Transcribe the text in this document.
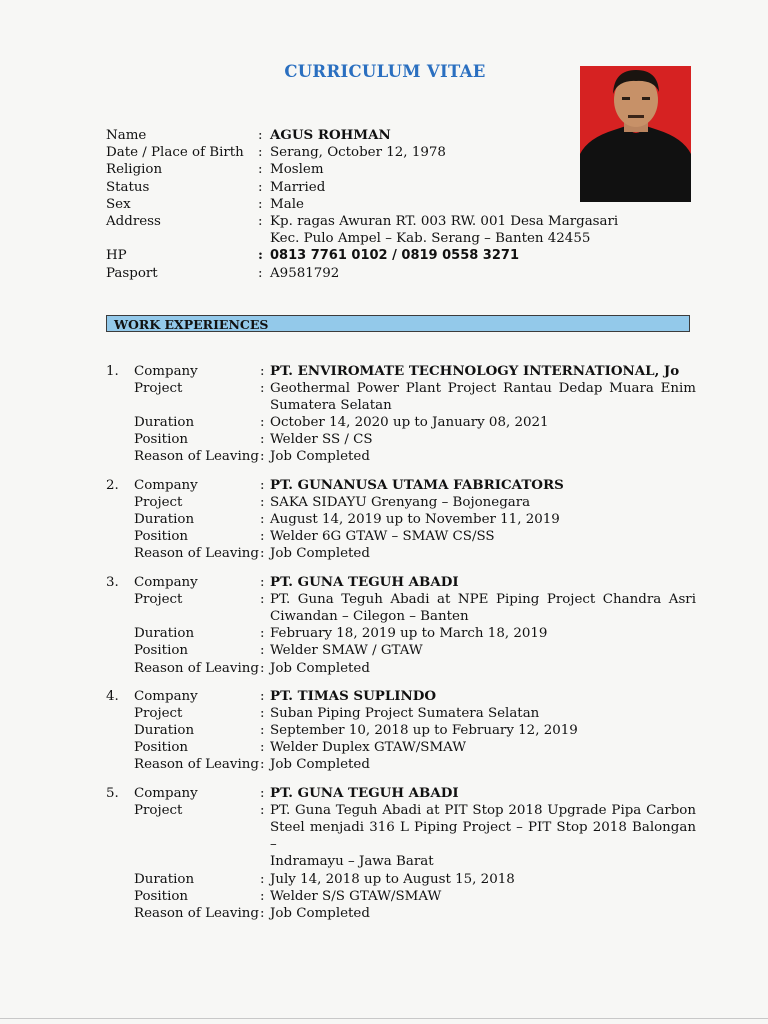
CURRICULUM VITAE
Name	: AGUS ROHMAN
Date / Place of Birth	: Serang, October 12, 1978
Religion	: Moslem
Status	: Married
Sex	: Male
Address	: Kp. ragas Awuran RT. 003 RW. 001 Desa Margasari
Kec. Pulo Ampel – Kab. Serang – Banten 42455
HP	: 0813 7761 0102 / 0819 0558 3271
Pasport	: A9581792
WORK EXPERIENCES
1.	Company	: PT. ENVIROMATE TECHNOLOGY INTERNATIONAL, Jo
Project	: Geothermal Power Plant Project Rantau Dedap Muara Enim
Sumatera Selatan
Duration	: October 14, 2020 up to January 08, 2021
Position	: Welder SS / CS
Reason of Leaving : Job Completed
2.	Company	: PT. GUNANUSA UTAMA FABRICATORS
Project	: SAKA SIDAYU Grenyang – Bojonegara
Duration	: August 14, 2019 up to November 11, 2019
Position	: Welder 6G GTAW – SMAW CS/SS
Reason of Leaving : Job Completed
3.	Company	: PT. GUNA TEGUH ABADI
Project	: PT. Guna Teguh Abadi at NPE Piping Project Chandra Asri
Ciwandan – Cilegon – Banten
Duration	: February 18, 2019 up to March 18, 2019
Position	: Welder SMAW / GTAW
Reason of Leaving : Job Completed
4.	Company	: PT. TIMAS SUPLINDO
Project	: Suban Piping Project Sumatera Selatan
Duration	: September 10, 2018 up to February 12, 2019
Position	: Welder Duplex GTAW/SMAW
Reason of Leaving : Job Completed
5.	Company	: PT. GUNA TEGUH ABADI
Project	: PT. Guna Teguh Abadi at PIT Stop 2018 Upgrade Pipa Carbon
Steel menjadi 316 L Piping Project – PIT Stop 2018 Balongan –
Indramayu – Jawa Barat
Duration	: July 14, 2018 up to August 15, 2018
Position	: Welder S/S GTAW/SMAW
Reason of Leaving : Job Completed
